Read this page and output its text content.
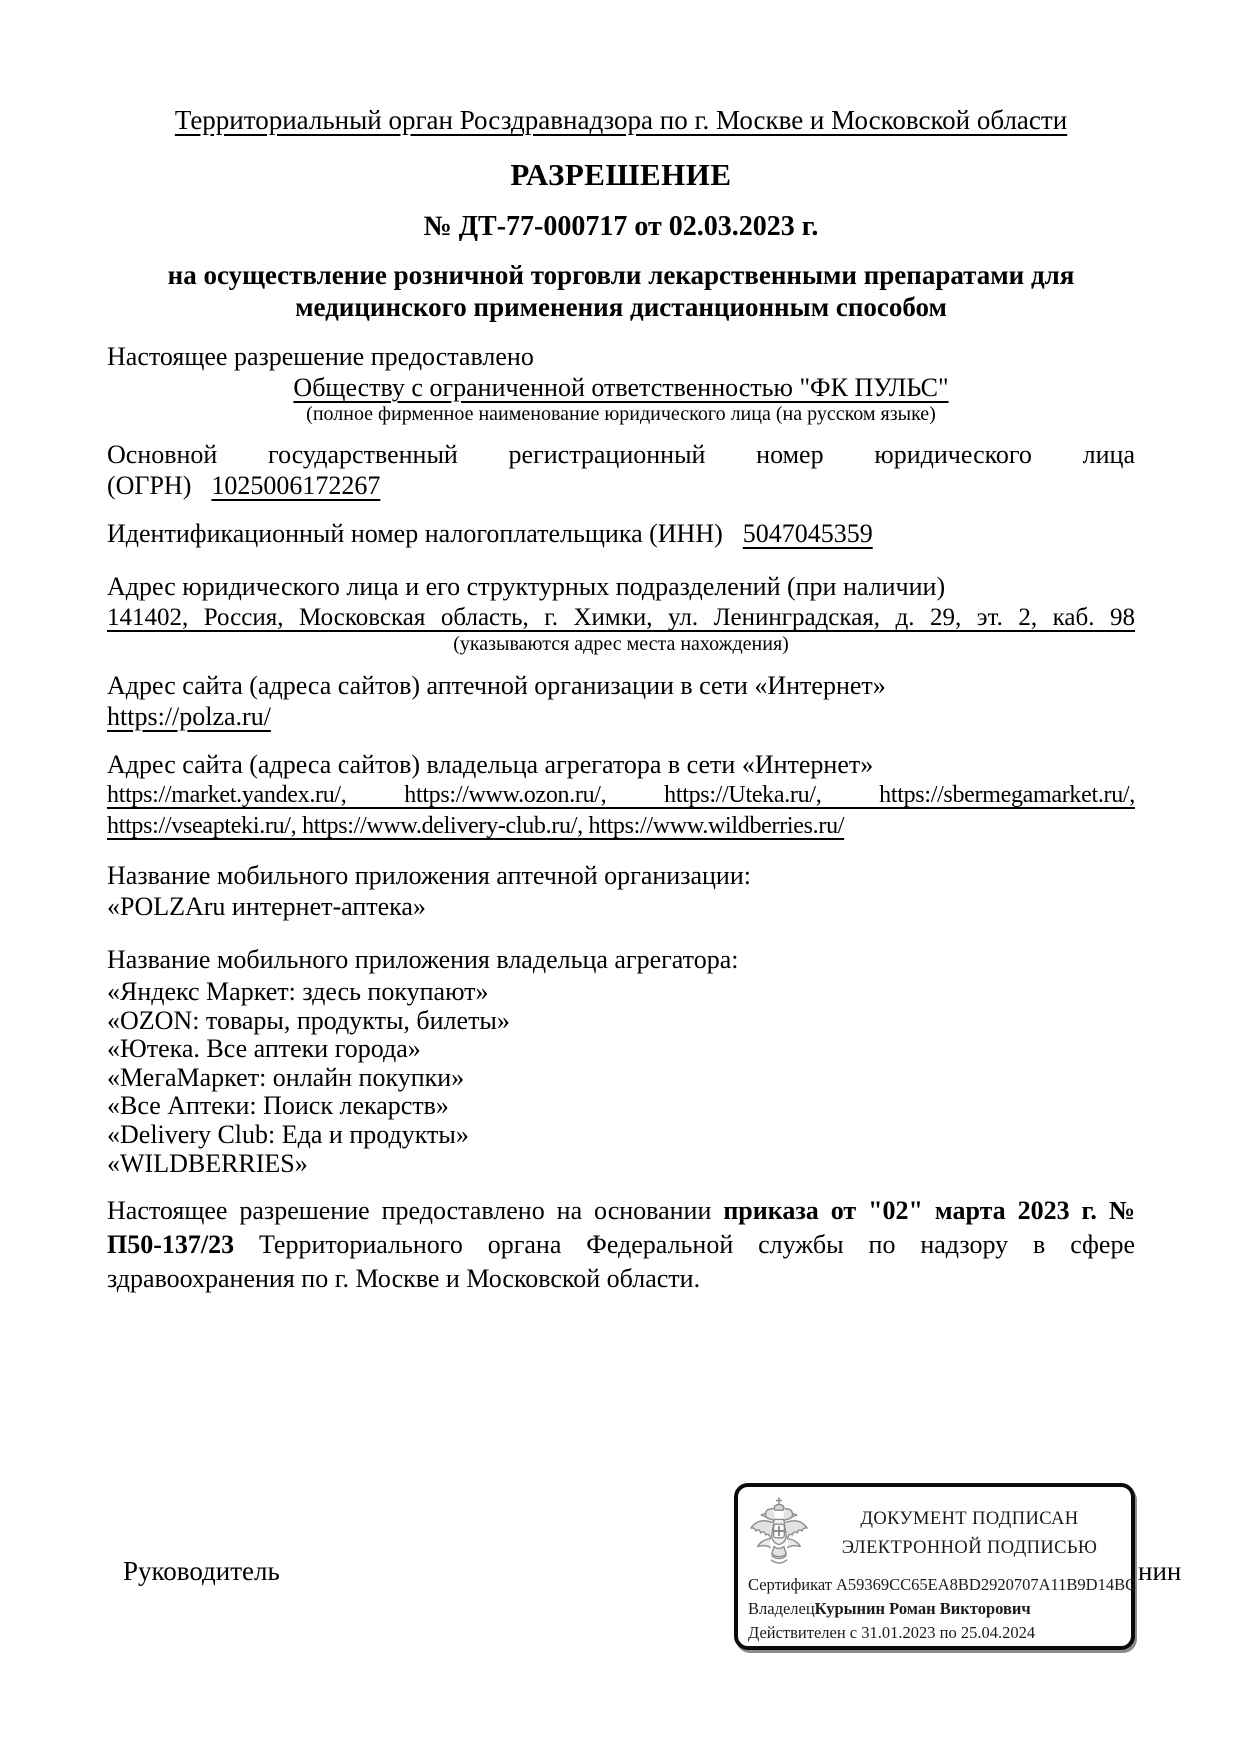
Территориальный орган Росздравнадзора по г. Москве и Московской области
РАЗРЕШЕНИЕ
№ ДТ-77-000717 от 02.03.2023 г.
на осуществление розничной торговли лекарственными препаратами для
медицинского применения дистанционным способом
Настоящее разрешение предоставлено
Обществу с ограниченной ответственностью "ФК ПУЛЬС"
(полное фирменное наименование юридического лица (на русском языке)
Основной государственный регистрационный номер юридического лица
(ОГРН) 1025006172267
Идентификационный номер налогоплательщика (ИНН) 5047045359
Адрес юридического лица и его структурных подразделений (при наличии)
141402, Россия, Московская область, г. Химки, ул. Ленинградская, д. 29, эт. 2, каб. 98
(указываются адрес места нахождения)
Адрес сайта (адреса сайтов) аптечной организации в сети «Интернет»
https://polza.ru/
Адрес сайта (адреса сайтов) владельца агрегатора в сети «Интернет»
https://market.yandex.ru/, https://www.ozon.ru/, https://Uteka.ru/, https://sbermegamarket.ru/,
https://vseapteki.ru/, https://www.delivery-club.ru/, https://www.wildberries.ru/
Название мобильного приложения аптечной организации:
«POLZAru интернет-аптека»
Название мобильного приложения владельца агрегатора:
«Яндекс Маркет: здесь покупают»
«OZON: товары, продукты, билеты»
«Ютека. Все аптеки города»
«МегаМаркет: онлайн покупки»
«Все Аптеки: Поиск лекарств»
«Delivery Club: Еда и продукты»
«WILDBERRIES»
Настоящее разрешение предоставлено на основании приказа от "02" марта 2023 г. № П50-137/23 Территориального органа Федеральной службы по надзору в сфере здравоохранения по г. Москве и Московской области.
Руководитель	нин
ДОКУМЕНТ ПОДПИСАН
ЭЛЕКТРОННОЙ ПОДПИСЬЮ
Сертификат A59369CC65EA8BD2920707A11B9D14BC
ВладелецКурынин Роман Викторович
Действителен с 31.01.2023 по 25.04.2024
